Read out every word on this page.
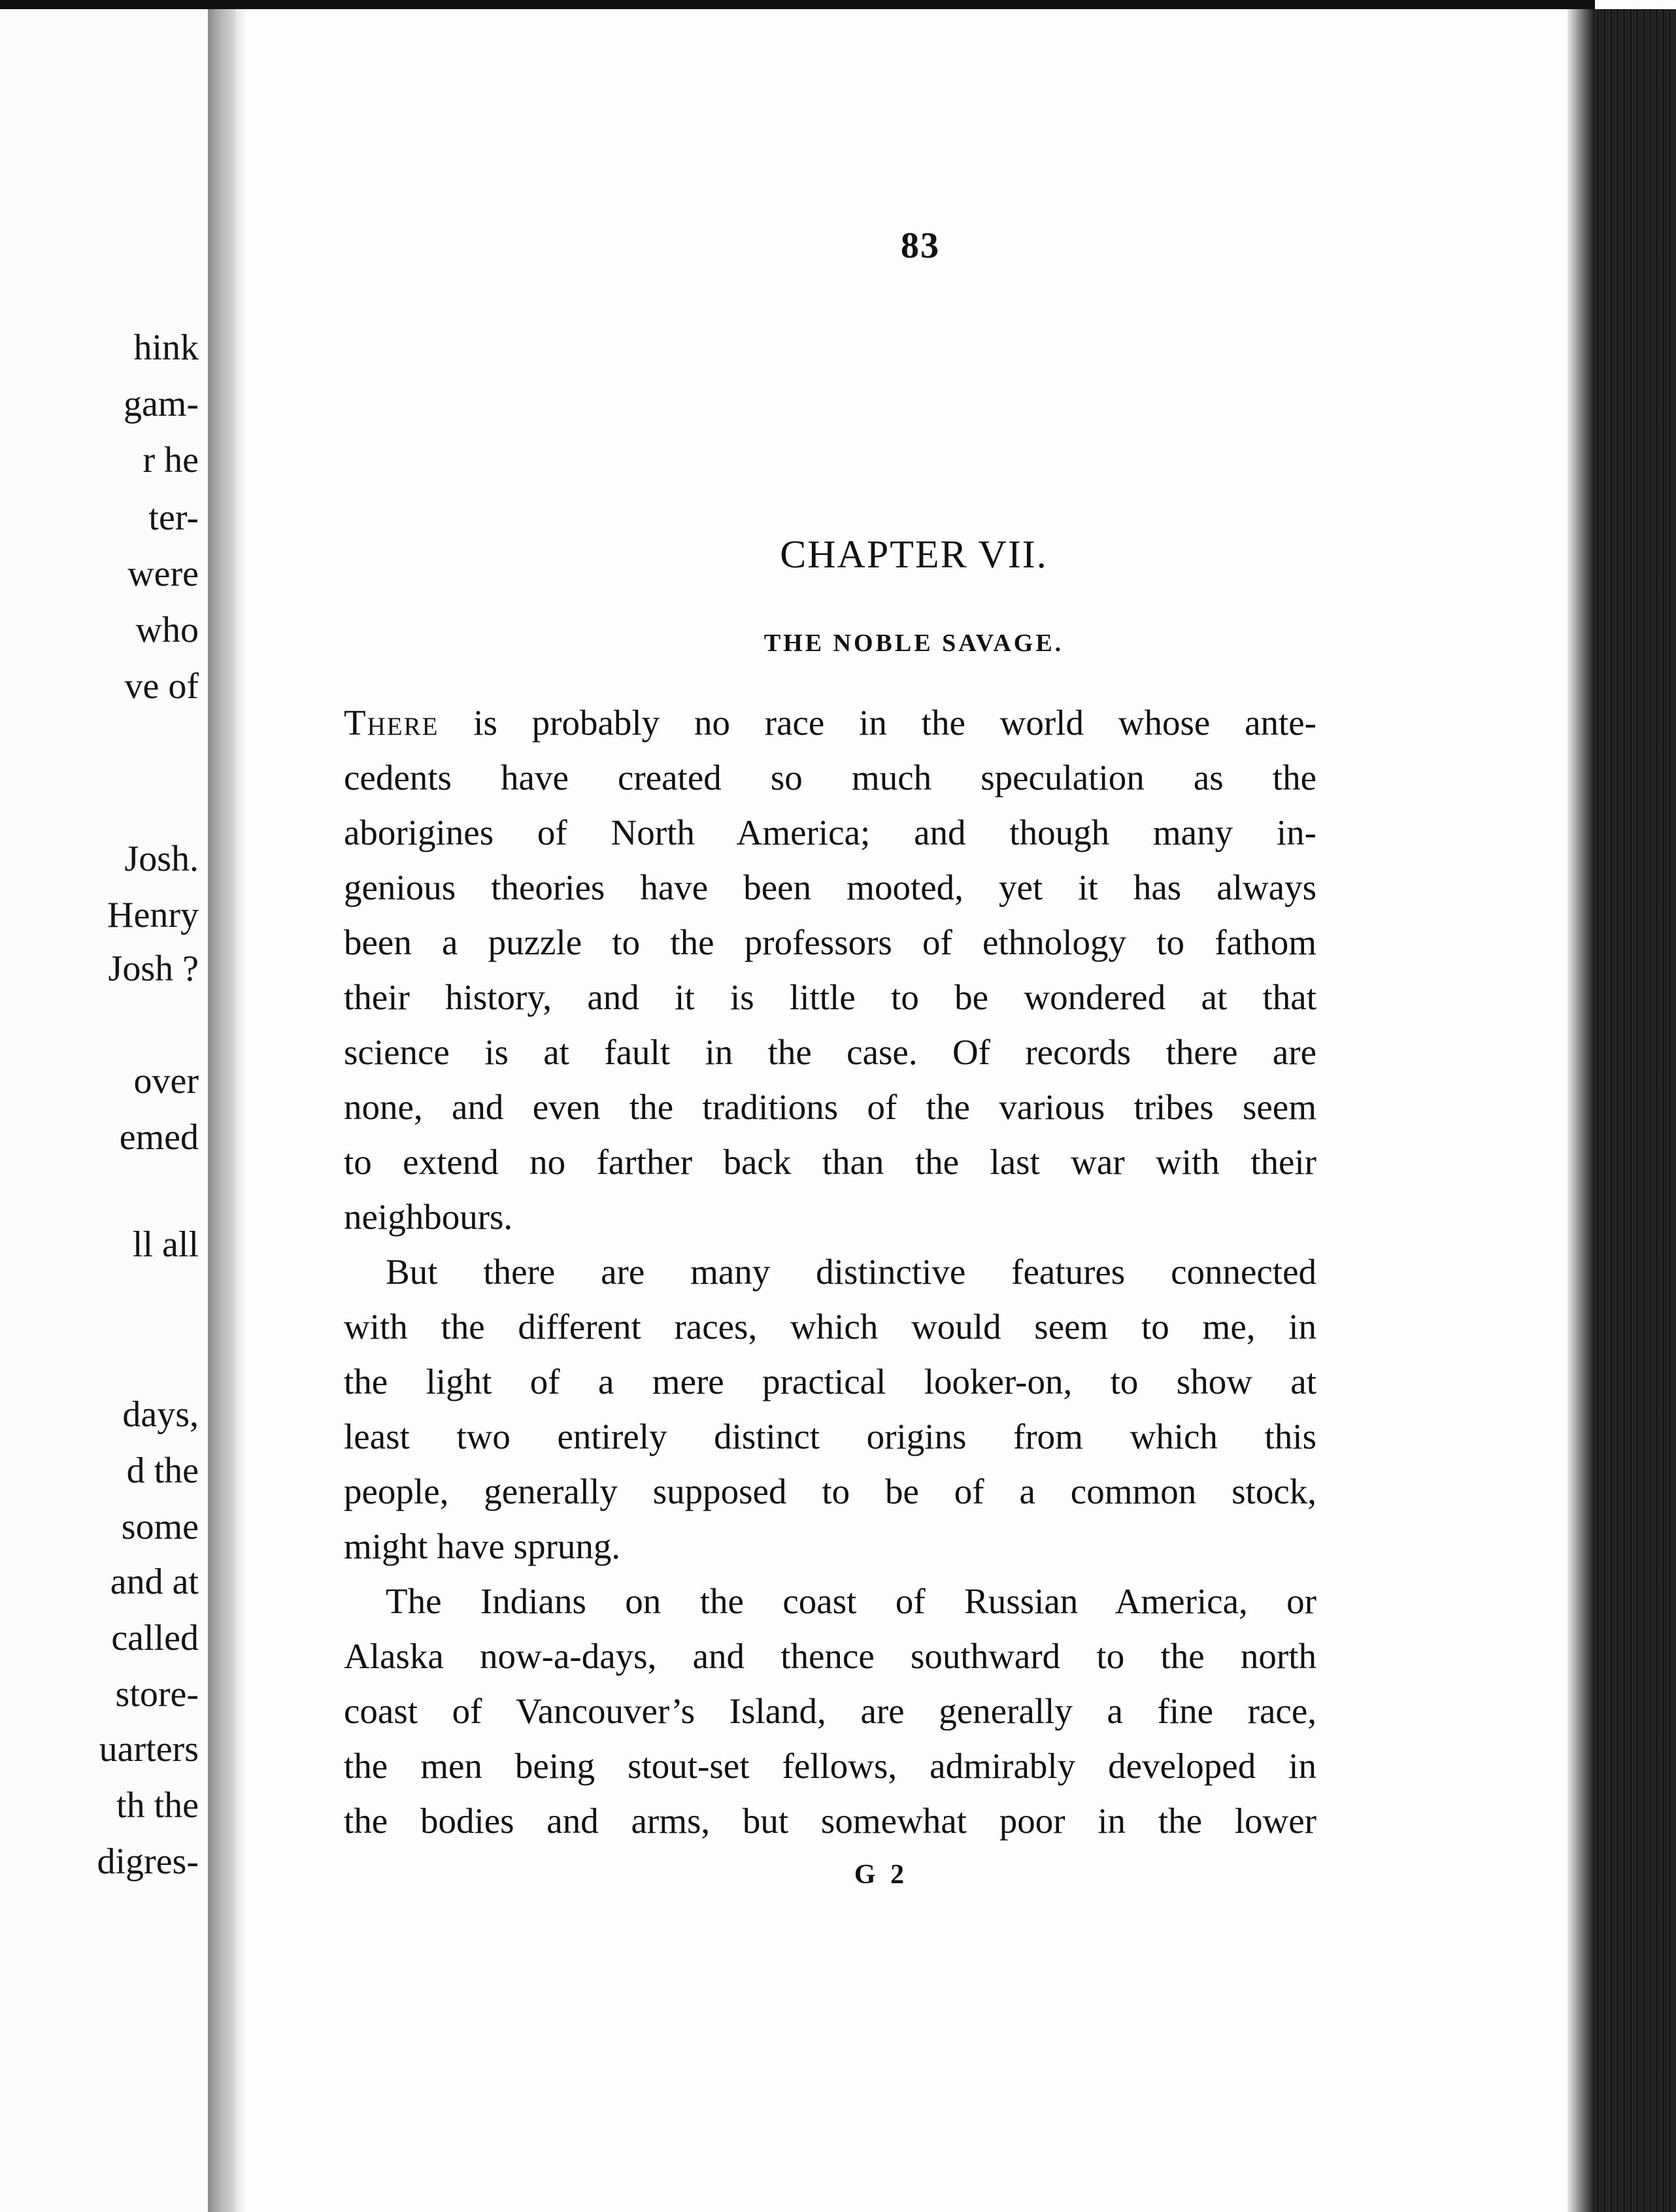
hink
gam-
r he
ter-
were
who
ve of
Josh.
Henry
Josh ?
over
emed
ll all
days,
d the
some
and at
called
store-
uarters
th the
digres-
83
CHAPTER VII.
THE NOBLE SAVAGE.
There is probably no race in the world whose ante-
cedents have created so much speculation as the
aborigines of North America; and though many in-
genious theories have been mooted, yet it has always
been a puzzle to the professors of ethnology to fathom
their history, and it is little to be wondered at that
science is at fault in the case. Of records there are
none, and even the traditions of the various tribes seem
to extend no farther back than the last war with their
neighbours.
But there are many distinctive features connected
with the different races, which would seem to me, in
the light of a mere practical looker-on, to show at
least two entirely distinct origins from which this
people, generally supposed to be of a common stock,
might have sprung.
The Indians on the coast of Russian America, or
Alaska now-a-days, and thence southward to the north
coast of Vancouver’s Island, are generally a fine race,
the men being stout-set fellows, admirably developed in
the bodies and arms, but somewhat poor in the lower
G 2
